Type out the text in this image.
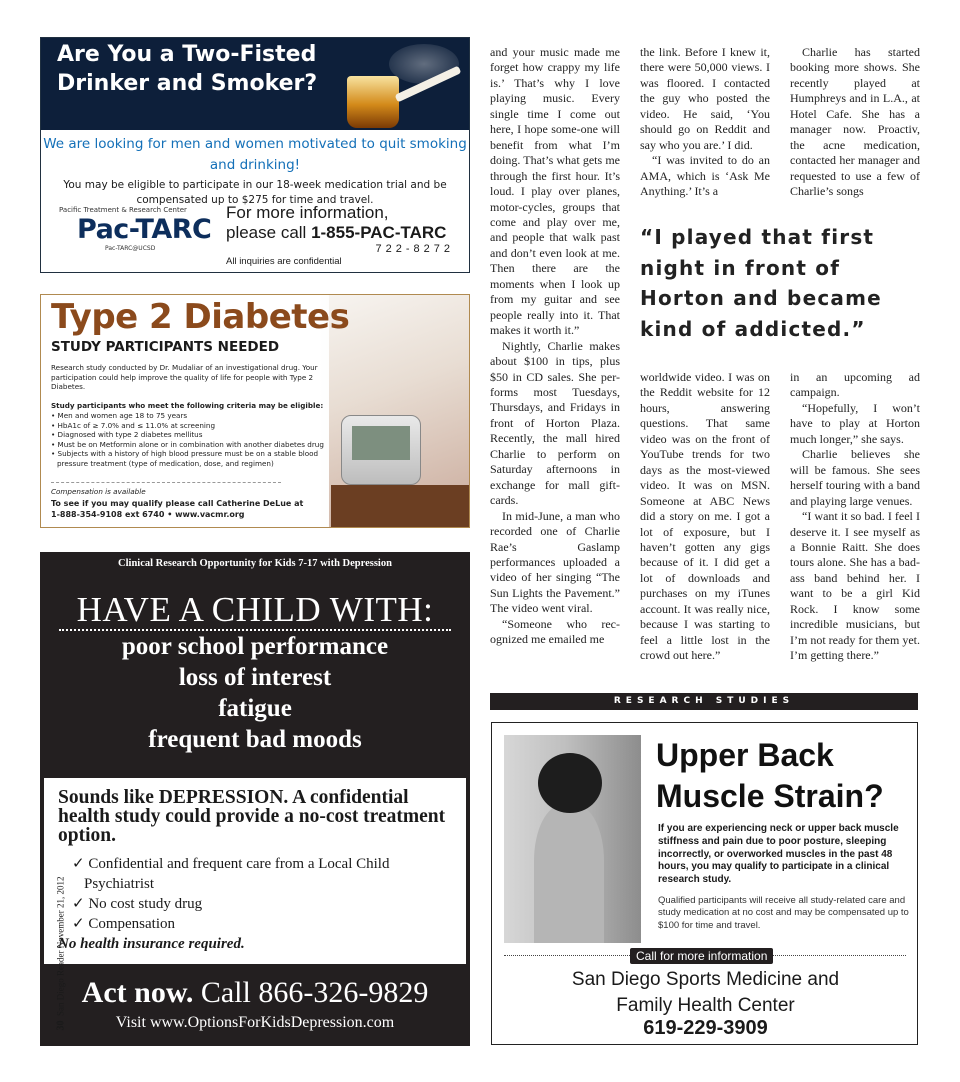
Are You a Two-Fisted Drinker and Smoker?
We are looking for men and women motivated to quit smoking and drinking!
You may be eligible to participate in our 18-week medication trial and be compensated up to $275 for time and travel.
Pacific Treatment & Research Center
Pac-TARC
Pac-TARC@UCSD
For more information,
please call 1-855-PAC-TARC
722-8272
All inquiries are confidential
Type 2 Diabetes
STUDY PARTICIPANTS NEEDED
Research study conducted by Dr. Mudaliar of an investigational drug. Your participation could help improve the quality of life for people with Type 2 Diabetes.
Study participants who meet the following criteria may be eligible:
• Men and women age 18 to 75 years
• HbA1c of ≥ 7.0% and ≤ 11.0% at screening
• Diagnosed with type 2 diabetes mellitus
• Must be on Metformin alone or in combination with another diabetes drug
• Subjects with a history of high blood pressure must be on a stable blood pressure treatment (type of medication, dose, and regimen)
Compensation is available
To see if you may qualify please call Catherine DeLue at
1-888-354-9108 ext 6740 • www.vacmr.org
Clinical Research Opportunity for Kids 7-17 with Depression
HAVE A CHILD WITH:
poor school performance
loss of interest
fatigue
frequent bad moods
Sounds like DEPRESSION. A confidential health study could provide a no-cost treatment option.
✓ Confidential and frequent care from a Local Child Psychiatrist
✓ No cost study drug
✓ Compensation
No health insurance required.
Act now. Call 866-326-9829
Visit www.OptionsForKidsDepression.com
30  San Diego Reader November 21, 2012

and your music made me forget how crappy my life is.’ That’s why I love playing music. Every single time I come out here, I hope some-one will benefit from what I’m doing. That’s what gets me through the first hour. It’s loud. I play over planes, motor-cycles, groups that come and play over me, and people that walk past and don’t even look at me. Then there are the moments when I look up from my guitar and see people really into it. That makes it worth it.”

Nightly, Charlie makes about $100 in tips, plus $50 in CD sales. She per-forms most Tuesdays, Thursdays, and Fridays in front of Horton Plaza. Recently, the mall hired Charlie to perform on Saturday afternoons in exchange for mall gift-cards.

In mid-June, a man who recorded one of Charlie Rae’s Gaslamp performances uploaded a video of her singing “The Sun Lights the Pavement.” The video went viral.

“Someone who rec-ognized me emailed me

the link. Before I knew it, there were 50,000 views. I was floored. I contacted the guy who posted the video. He said, ‘You should go on Reddit and say who you are.’ I did.

“I was invited to do an AMA, which is ‘Ask Me Anything.’ It’s a

Charlie has started booking more shows. She recently played at Humphreys and in L.A., at Hotel Cafe. She has a manager now. Proactiv, the acne medication, contacted her manager and requested to use a few of Charlie’s songs

“I played that first night in front of Horton and became kind of addicted.”

worldwide video. I was on the Reddit website for 12 hours, answering questions. That same video was on the front of YouTube trends for two days as the most-viewed video. It was on MSN. Someone at ABC News did a story on me. I got a lot of exposure, but I haven’t gotten any gigs because of it. I did get a lot of downloads and purchases on my iTunes account. It was really nice, because I was starting to feel a little lost in the crowd out here.”

in an upcoming ad campaign.

“Hopefully, I won’t have to play at Horton much longer,” she says.

Charlie believes she will be famous. She sees herself touring with a band and playing large venues.

“I want it so bad. I feel I deserve it. I see myself as a Bonnie Raitt. She does tours alone. She has a bad-ass band behind her. I want to be a girl Kid Rock. I know some incredible musicians, but I’m not ready for them yet. I’m getting there.”

RESEARCH STUDIES
Upper Back Muscle Strain?
If you are experiencing neck or upper back muscle stiffness and pain due to poor posture, sleeping incorrectly, or overworked muscles in the past 48 hours, you may qualify to participate in a clinical research study.
Qualified participants will receive all study-related care and study medication at no cost and may be compensated up to $100 for time and travel.
Call for more information
San Diego Sports Medicine and Family Health Center
619-229-3909
